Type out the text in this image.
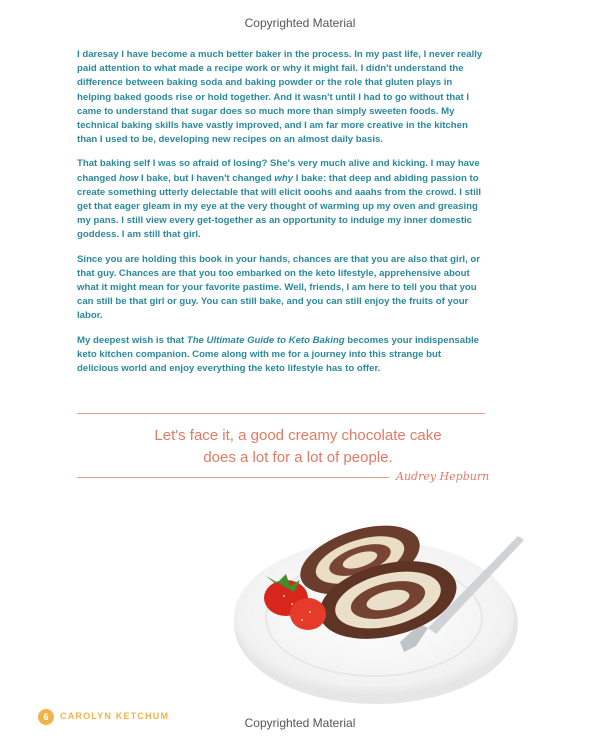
Copyrighted Material

I daresay I have become a much better baker in the process. In my past life, I never really paid attention to what made a recipe work or why it might fail. I didn't understand the difference between baking soda and baking powder or the role that gluten plays in helping baked goods rise or hold together. And it wasn't until I had to go without that I came to understand that sugar does so much more than simply sweeten foods. My technical baking skills have vastly improved, and I am far more creative in the kitchen than I used to be, developing new recipes on an almost daily basis.

That baking self I was so afraid of losing? She's very much alive and kicking. I may have changed how I bake, but I haven't changed why I bake: that deep and abiding passion to create something utterly delectable that will elicit ooohs and aaahs from the crowd. I still get that eager gleam in my eye at the very thought of warming up my oven and greasing my pans. I still view every get-together as an opportunity to indulge my inner domestic goddess. I am still that girl.

Since you are holding this book in your hands, chances are that you are also that girl, or that guy. Chances are that you too embarked on the keto lifestyle, apprehensive about what it might mean for your favorite pastime. Well, friends, I am here to tell you that you can still be that girl or guy. You can still bake, and you can still enjoy the fruits of your labor.

My deepest wish is that The Ultimate Guide to Keto Baking becomes your indispensable keto kitchen companion. Come along with me for a journey into this strange but delicious world and enjoy everything the keto lifestyle has to offer.

Let's face it, a good creamy chocolate cake
does a lot for a lot of people.
Audrey Hepburn
6	CAROLYN KETCHUM	Copyrighted Material
